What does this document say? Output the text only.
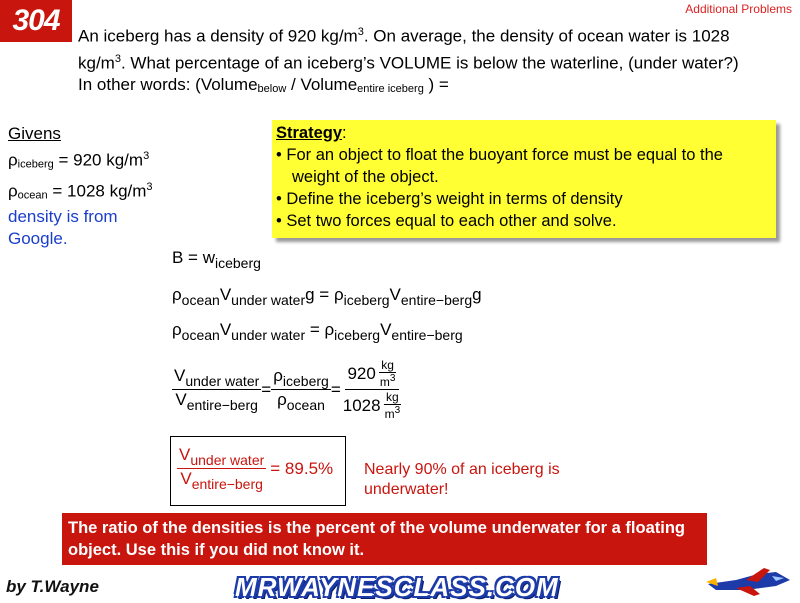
304	Additional Problems
An iceberg has a density of 920 $kg/m^3$. On average, the density of ocean water is 1028 $kg/m^3$. What percentage of an iceberg’s VOLUME is below the waterline, (under water?)
In other words: (Volume$_{below}$ / Volume$_{entire iceberg}$ ) =
Givens
$\rho_{iceberg} = 920$ $kg/m^3$
$\rho_{ocean} = 1028$ $kg/m^3$
density is from Google.
Strategy:
• For an object to float the buoyant force must be equal to the weight of the object.
• Define the iceberg’s weight in terms of density
• Set two forces equal to each other and solve.
$B = w_{iceberg}$
$\rho_{ocean}V_{under water}g = \rho_{iceberg}V_{entire-berg}g$
$\rho_{ocean}V_{under water} = \rho_{iceberg}V_{entire-berg}$
$\frac{V_{under water}}{V_{entire-berg}} = \frac{\rho_{iceberg}}{\rho_{ocean}} = \frac{920 \frac{kg}{m^3}}{1028 \frac{kg}{m^3}}$
$\frac{V_{under water}}{V_{entire-berg}} = 89.5\%$ Nearly 90% of an iceberg is underwater!
The ratio of the densities is the percent of the volume underwater for a floating object. Use this if you did not know it.
by T.Wayne	MRWAYNESCLASS.COM
